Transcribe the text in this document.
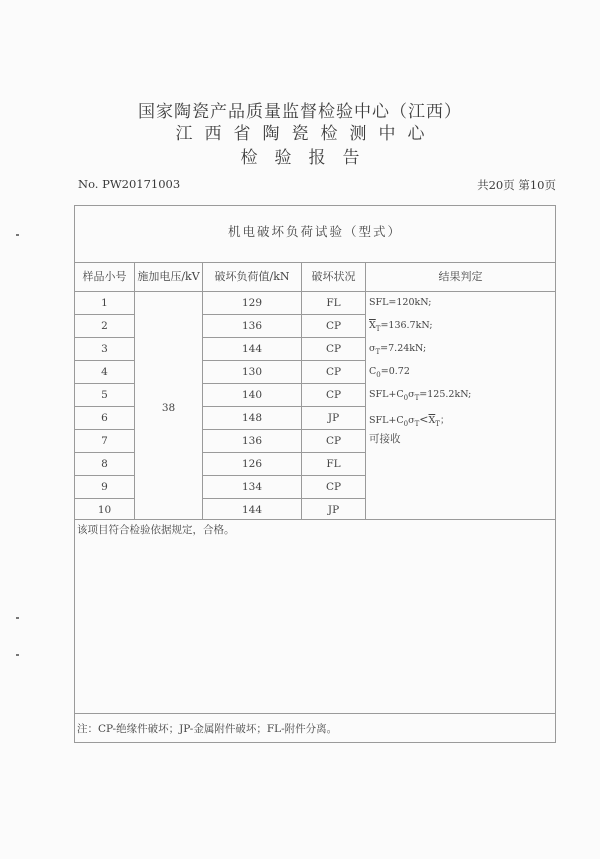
国家陶瓷产品质量监督检验中心（江西）
江西省陶瓷检测中心
检验报告
No. PW20171003	共20页 第10页
机电破坏负荷试验（型式）
样品小号 施加电压/kV	破坏负荷值/kN	破坏状况	结果判定
38
1	129	FL
2	136	CP
3	144	CP
4	130	CP
5	140	CP
6	148	JP
7	136	CP
8	126	FL
9	134	CP
10	144	JP
SFL=120kN;
$\overline{X}_T=136.7kN$;
$\sigma_T=7.24kN$;
$C_0=0.72$
$SFL+C_0\sigma_T=125.2kN$;
$SFL+C_0\sigma_T<\overline{X}_T$；
可接收
该项目符合检验依据规定，合格。
注：CP-绝缘件破坏；JP-金属附件破坏；FL-附件分离。
